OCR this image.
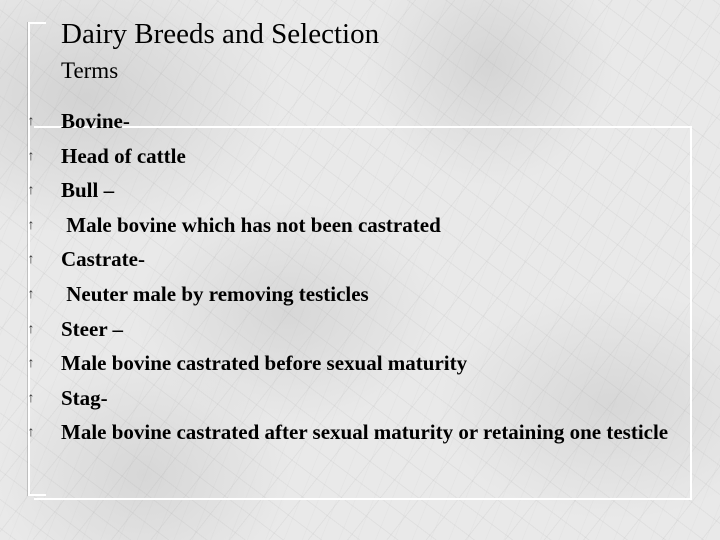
Dairy Breeds and Selection
Terms
↑ Bovine-
↑ Head of cattle
↑ Bull –
↑ Male bovine which has not been castrated
↑ Castrate-
↑ Neuter male by removing testicles
↑ Steer –
↑ Male bovine castrated before sexual maturity
↑ Stag-
↑ Male bovine castrated after sexual maturity or retaining one testicle
